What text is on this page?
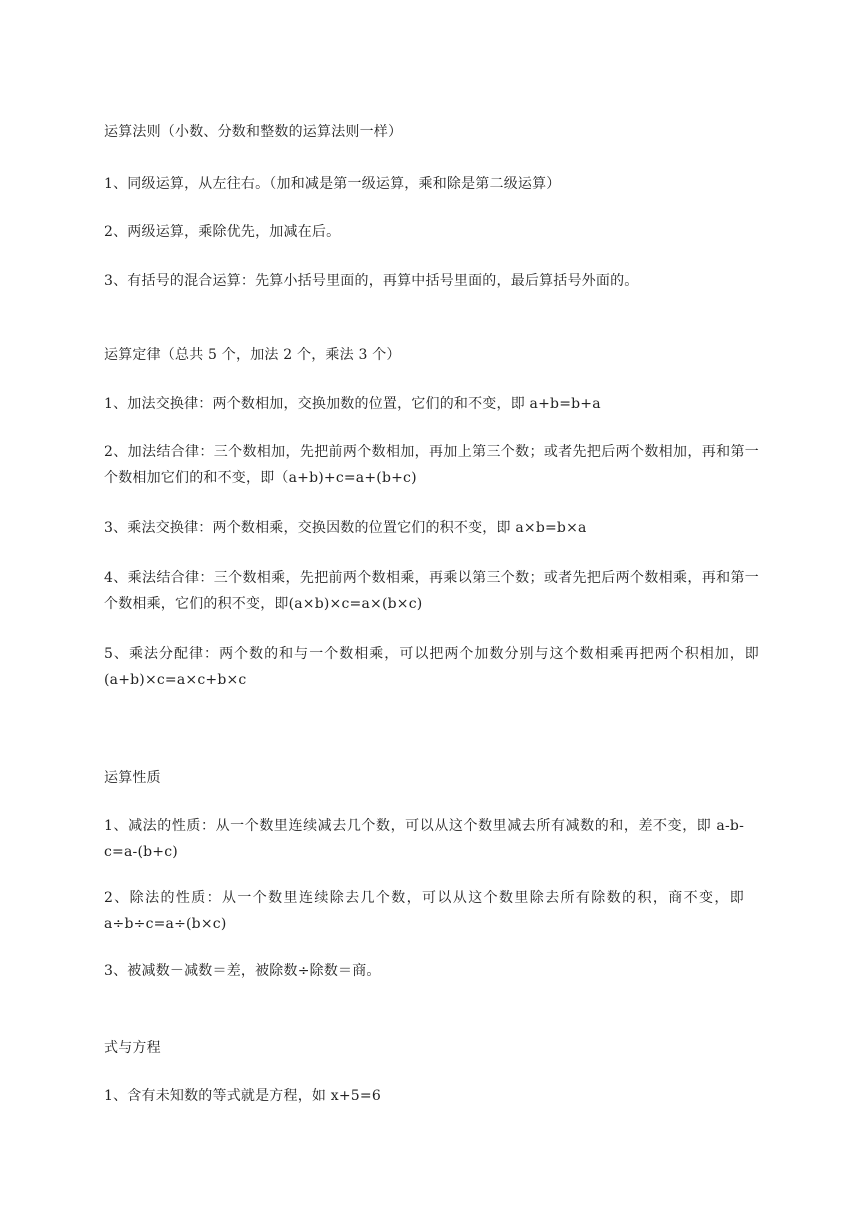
运算法则（小数、分数和整数的运算法则一样）
1、同级运算，从左往右。（加和减是第一级运算，乘和除是第二级运算）
2、两级运算，乘除优先，加减在后。
3、有括号的混合运算：先算小括号里面的，再算中括号里面的，最后算括号外面的。
运算定律（总共 5 个，加法 2 个，乘法 3 个）
1、加法交换律：两个数相加，交换加数的位置，它们的和不变，即 a+b=b+a
2、加法结合律：三个数相加，先把前两个数相加，再加上第三个数；或者先把后两个数相加，再和第一个数相加它们的和不变，即（a+b)+c=a+(b+c)
3、乘法交换律：两个数相乘，交换因数的位置它们的积不变，即 a×b=b×a
4、乘法结合律：三个数相乘，先把前两个数相乘，再乘以第三个数；或者先把后两个数相乘，再和第一个数相乘，它们的积不变，即(a×b)×c=a×(b×c)
5、乘法分配律：两个数的和与一个数相乘，可以把两个加数分别与这个数相乘再把两个积相加，即(a+b)×c=a×c+b×c
运算性质
1、减法的性质：从一个数里连续减去几个数，可以从这个数里减去所有减数的和，差不变，即 a-b-c=a-(b+c)
2、除法的性质：从一个数里连续除去几个数，可以从这个数里除去所有除数的积，商不变，即 a÷b÷c=a÷(b×c)
3、被减数－减数＝差，被除数÷除数＝商。
式与方程
1、含有未知数的等式就是方程，如 x+5=6
